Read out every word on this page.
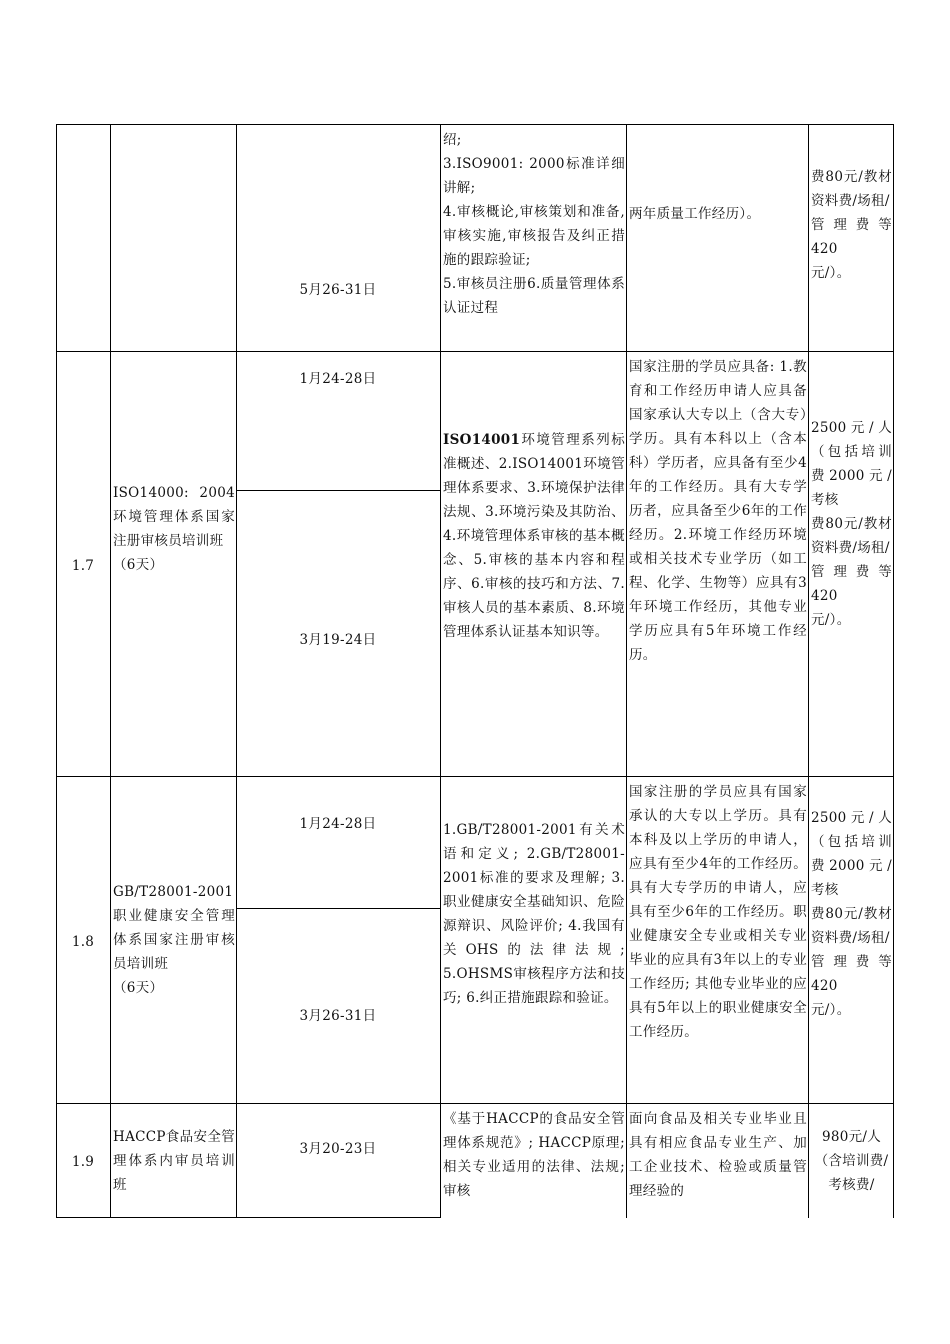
5月26-31日
绍;
3.ISO9001: 2000标准详细讲解;
4.审核概论,审核策划和准备,审核实施,审核报告及纠正措施的跟踪验证;
5.审核员注册6.质量管理体系认证过程
两年质量工作经历）。
费80元/教材资料费/场租/
管理费等420　　元/）。
1.7
ISO14000: 2004环境管理体系国家注册审核员培训班
（6天）
1月24-28日
3月19-24日
ISO14001环境管理系列标准概述、2.ISO14001环境管理体系要求、3.环境保护法律法规、3.环境污染及其防治、4.环境管理体系审核的基本概念、5.审核的基本内容和程序、6.审核的技巧和方法、7.审核人员的基本素质、8.环境管理体系认证基本知识等。
国家注册的学员应具备: 1.教育和工作经历申请人应具备国家承认大专以上（含大专）学历。具有本科以上（含本科）学历者，应具备有至少4年的工作经历。具有大专学历者，应具备至少6年的工作经历。2.环境工作经历环境或相关技术专业学历（如工程、化学、生物等）应具有3年环境工作经历，其他专业学历应具有5年环境工作经历。
2500元/人（包括培训费2000元/考核
费80元/教材资料费/场租/
管理费等420　　元/）。
1.8
GB/T28001-2001
职业健康安全管理体系国家注册审核员培训班
（6天）
1月24-28日
3月26-31日
1.GB/T28001-2001有关术语和定义; 2.GB/T28001-2001标准的要求及理解; 3.职业健康安全基础知识、危险源辩识、风险评价; 4.我国有关OHS的法律法规; 5.OHSMS审核程序方法和技巧; 6.纠正措施跟踪和验证。
国家注册的学员应具有国家承认的大专以上学历。具有本科及以上学历的申请人，应具有至少4年的工作经历。具有大专学历的申请人，应具有至少6年的工作经历。职业健康安全专业或相关专业毕业的应具有3年以上的专业工作经历; 其他专业毕业的应具有5年以上的职业健康安全工作经历。
2500元/人（包括培训费2000元/考核
费80元/教材资料费/场租/
管理费等420　　元/）。
1.9
HACCP食品安全管理体系内审员培训班
3月20-23日
《基于HACCP的食品安全管理体系规范》; HACCP原理; 相关专业适用的法律、法规; 审核
面向食品及相关专业毕业且具有相应食品专业生产、加工企业技术、检验或质量管理经验的
980元/人
（含培训费/考核费/
